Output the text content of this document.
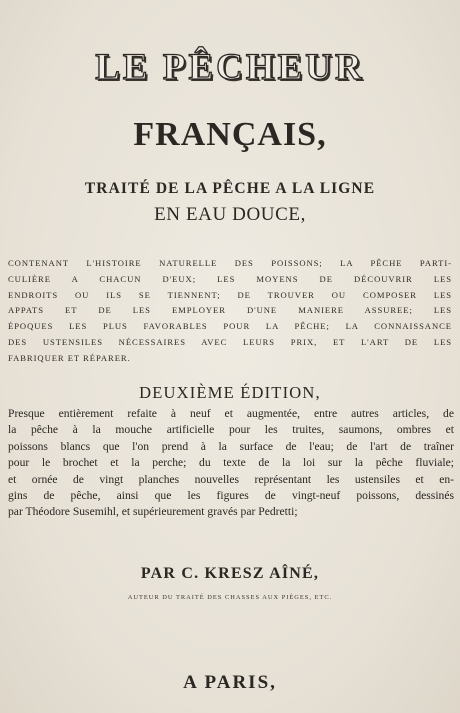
LE PÊCHEUR
FRANÇAIS,
TRAITÉ DE LA PÊCHE A LA LIGNE
EN EAU DOUCE,
CONTENANT L'HISTOIRE NATURELLE DES POISSONS; LA PÊCHE PARTI-
CULIÈRE A CHACUN D'EUX; LES MOYENS DE DÉCOUVRIR LES
ENDROITS OU ILS SE TIENNENT; DE TROUVER OU COMPOSER LES
APPATS ET DE LES EMPLOYER D'UNE MANIERE ASSUREE; LES
ÉPOQUES LES PLUS FAVORABLES POUR LA PÊCHE; LA CONNAISSANCE
DES USTENSILES NÉCESSAIRES AVEC LEURS PRIX, ET L'ART DE LES
FABRIQUER ET RÉPARER.
DEUXIÈME ÉDITION,
Presque entièrement refaite à neuf et augmentée, entre autres articles, de
la pêche à la mouche artificielle pour les truites, saumons, ombres et
poissons blancs que l'on prend à la surface de l'eau; de l'art de traîner
pour le brochet et la perche; du texte de la loi sur la pêche fluviale;
et ornée de vingt planches nouvelles représentant les ustensiles et en-
gins de pêche, ainsi que les figures de vingt-neuf poissons, dessinés
par Théodore Susemihl, et supérieurement gravés par Pedretti;
PAR C. KRESZ AÎNÉ,
AUTEUR DU TRAITÉ DES CHASSES AUX PIÈGES, ETC.
A PARIS,
